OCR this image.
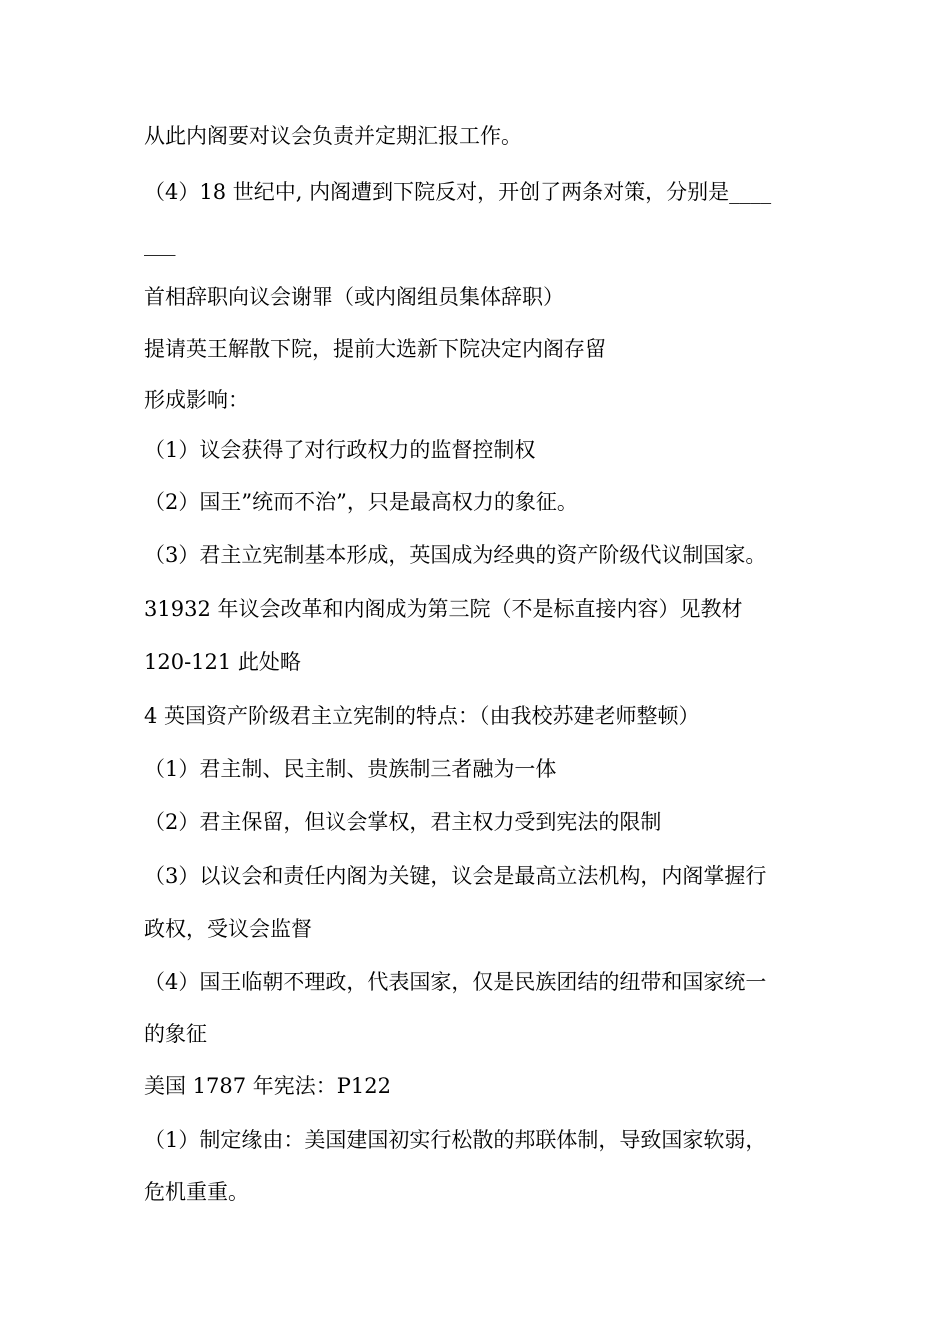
从此内阁要对议会负责并定期汇报工作。
（4）18 世纪中, 内阁遭到下院反对，开创了两条对策，分别是____
___
首相辞职向议会谢罪（或内阁组员集体辞职）
提请英王解散下院，提前大选新下院决定内阁存留
形成影响：
（1）议会获得了对行政权力的监督控制权
（2）国王”统而不治”，只是最高权力的象征。
（3）君主立宪制基本形成，英国成为经典的资产阶级代议制国家。
31932 年议会改革和内阁成为第三院（不是标直接内容）见教材
120-121 此处略
4 英国资产阶级君主立宪制的特点：（由我校苏建老师整顿）
（1）君主制、民主制、贵族制三者融为一体
（2）君主保留，但议会掌权，君主权力受到宪法的限制
（3）以议会和责任内阁为关键，议会是最高立法机构，内阁掌握行
政权，受议会监督
（4）国王临朝不理政，代表国家，仅是民族团结的纽带和国家统一
的象征
美国 1787 年宪法：P122
（1）制定缘由：美国建国初实行松散的邦联体制，导致国家软弱，
危机重重。
